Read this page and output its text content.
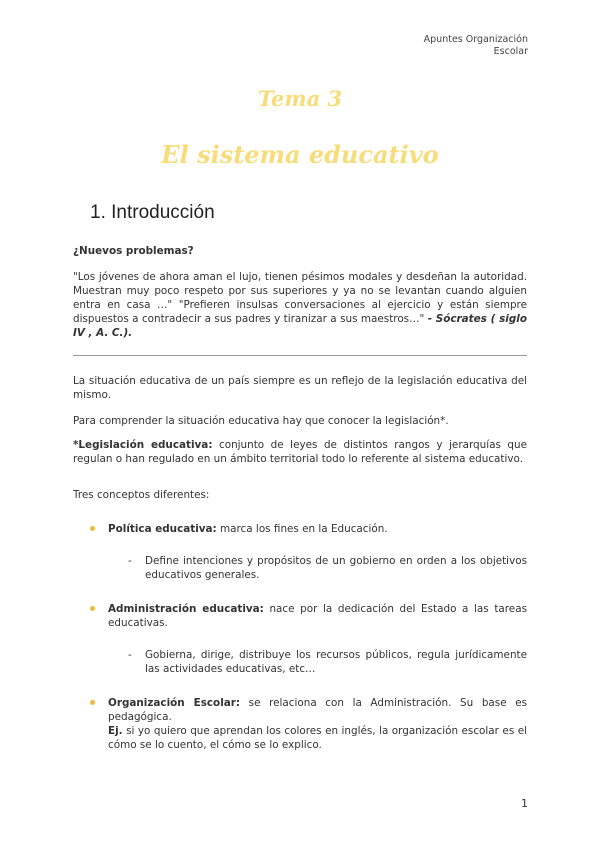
Apuntes Organización
Escolar
Tema 3
El sistema educativo
1. Introducción

¿Nuevos problemas?

"Los jóvenes de ahora aman el lujo, tienen pésimos modales y desdeñan la autoridad. Muestran muy poco respeto por sus superiores y ya no se levantan cuando alguien entra en casa …" "Prefieren insulsas conversaciones al ejercicio y están siempre dispuestos a contradecir a sus padres y tiranizar a sus maestros…" - Sócrates ( siglo IV , A. C.).

La situación educativa de un país siempre es un reflejo de la legislación educativa del mismo.

Para comprender la situación educativa hay que conocer la legislación*.

*Legislación educativa: conjunto de leyes de distintos rangos y jerarquías que regulan o han regulado en un ámbito territorial todo lo referente al sistema educativo.

Tres conceptos diferentes:

Política educativa: marca los fines en la Educación.

-	Define intenciones y propósitos de un gobierno en orden a los objetivos educativos generales.

Administración educativa: nace por la dedicación del Estado a las tareas educativas.

-	Gobierna, dirige, distribuye los recursos públicos, regula jurídicamente las actividades educativas, etc…

Organización Escolar: se relaciona con la Administración. Su base es pedagógica.

Ej. si yo quiero que aprendan los colores en inglés, la organización escolar es el cómo se lo cuento, el cómo se lo explico.

1
